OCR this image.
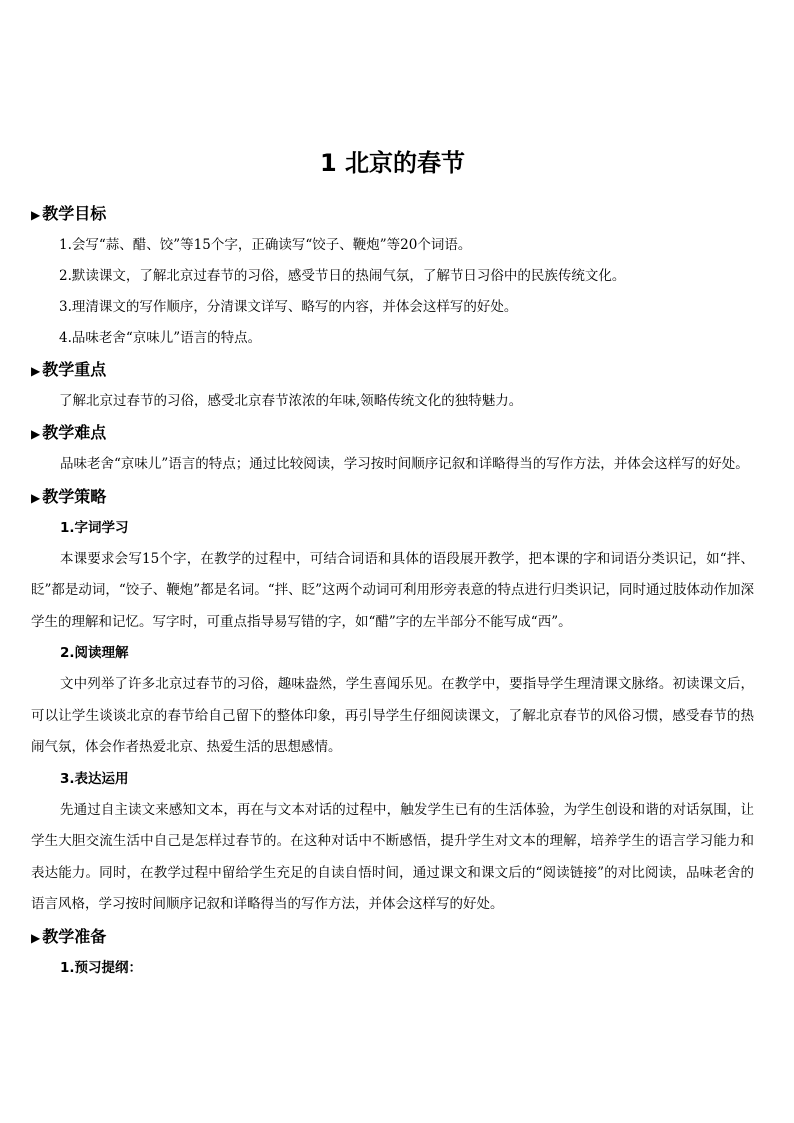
1 北京的春节
▶ 教学目标
1.会写“蒜、醋、饺”等15个字，正确读写“饺子、鞭炮”等20个词语。
2.默读课文，了解北京过春节的习俗，感受节日的热闹气氛，了解节日习俗中的民族传统文化。
3.理清课文的写作顺序，分清课文详写、略写的内容，并体会这样写的好处。
4.品味老舍“京味儿”语言的特点。
▶ 教学重点
了解北京过春节的习俗，感受北京春节浓浓的年味,领略传统文化的独特魅力。
▶ 教学难点
品味老舍“京味儿”语言的特点；通过比较阅读，学习按时间顺序记叙和详略得当的写作方法，并体会这样写的好处。
▶ 教学策略
1.字词学习
本课要求会写15个字，在教学的过程中，可结合词语和具体的语段展开教学，把本课的字和词语分类识记，如“拌、眨”都是动词，“饺子、鞭炮”都是名词。“拌、眨”这两个动词可利用形旁表意的特点进行归类识记，同时通过肢体动作加深学生的理解和记忆。写字时，可重点指导易写错的字，如“醋”字的左半部分不能写成“西”。
2.阅读理解
文中列举了许多北京过春节的习俗，趣味盎然，学生喜闻乐见。在教学中，要指导学生理清课文脉络。初读课文后，可以让学生谈谈北京的春节给自己留下的整体印象，再引导学生仔细阅读课文，了解北京春节的风俗习惯，感受春节的热闹气氛，体会作者热爱北京、热爱生活的思想感情。
3.表达运用
先通过自主读文来感知文本，再在与文本对话的过程中，触发学生已有的生活体验，为学生创设和谐的对话氛围，让学生大胆交流生活中自己是怎样过春节的。在这种对话中不断感悟，提升学生对文本的理解，培养学生的语言学习能力和表达能力。同时，在教学过程中留给学生充足的自读自悟时间，通过课文和课文后的“阅读链接”的对比阅读，品味老舍的语言风格，学习按时间顺序记叙和详略得当的写作方法，并体会这样写的好处。
▶ 教学准备
1.预习提纲：
